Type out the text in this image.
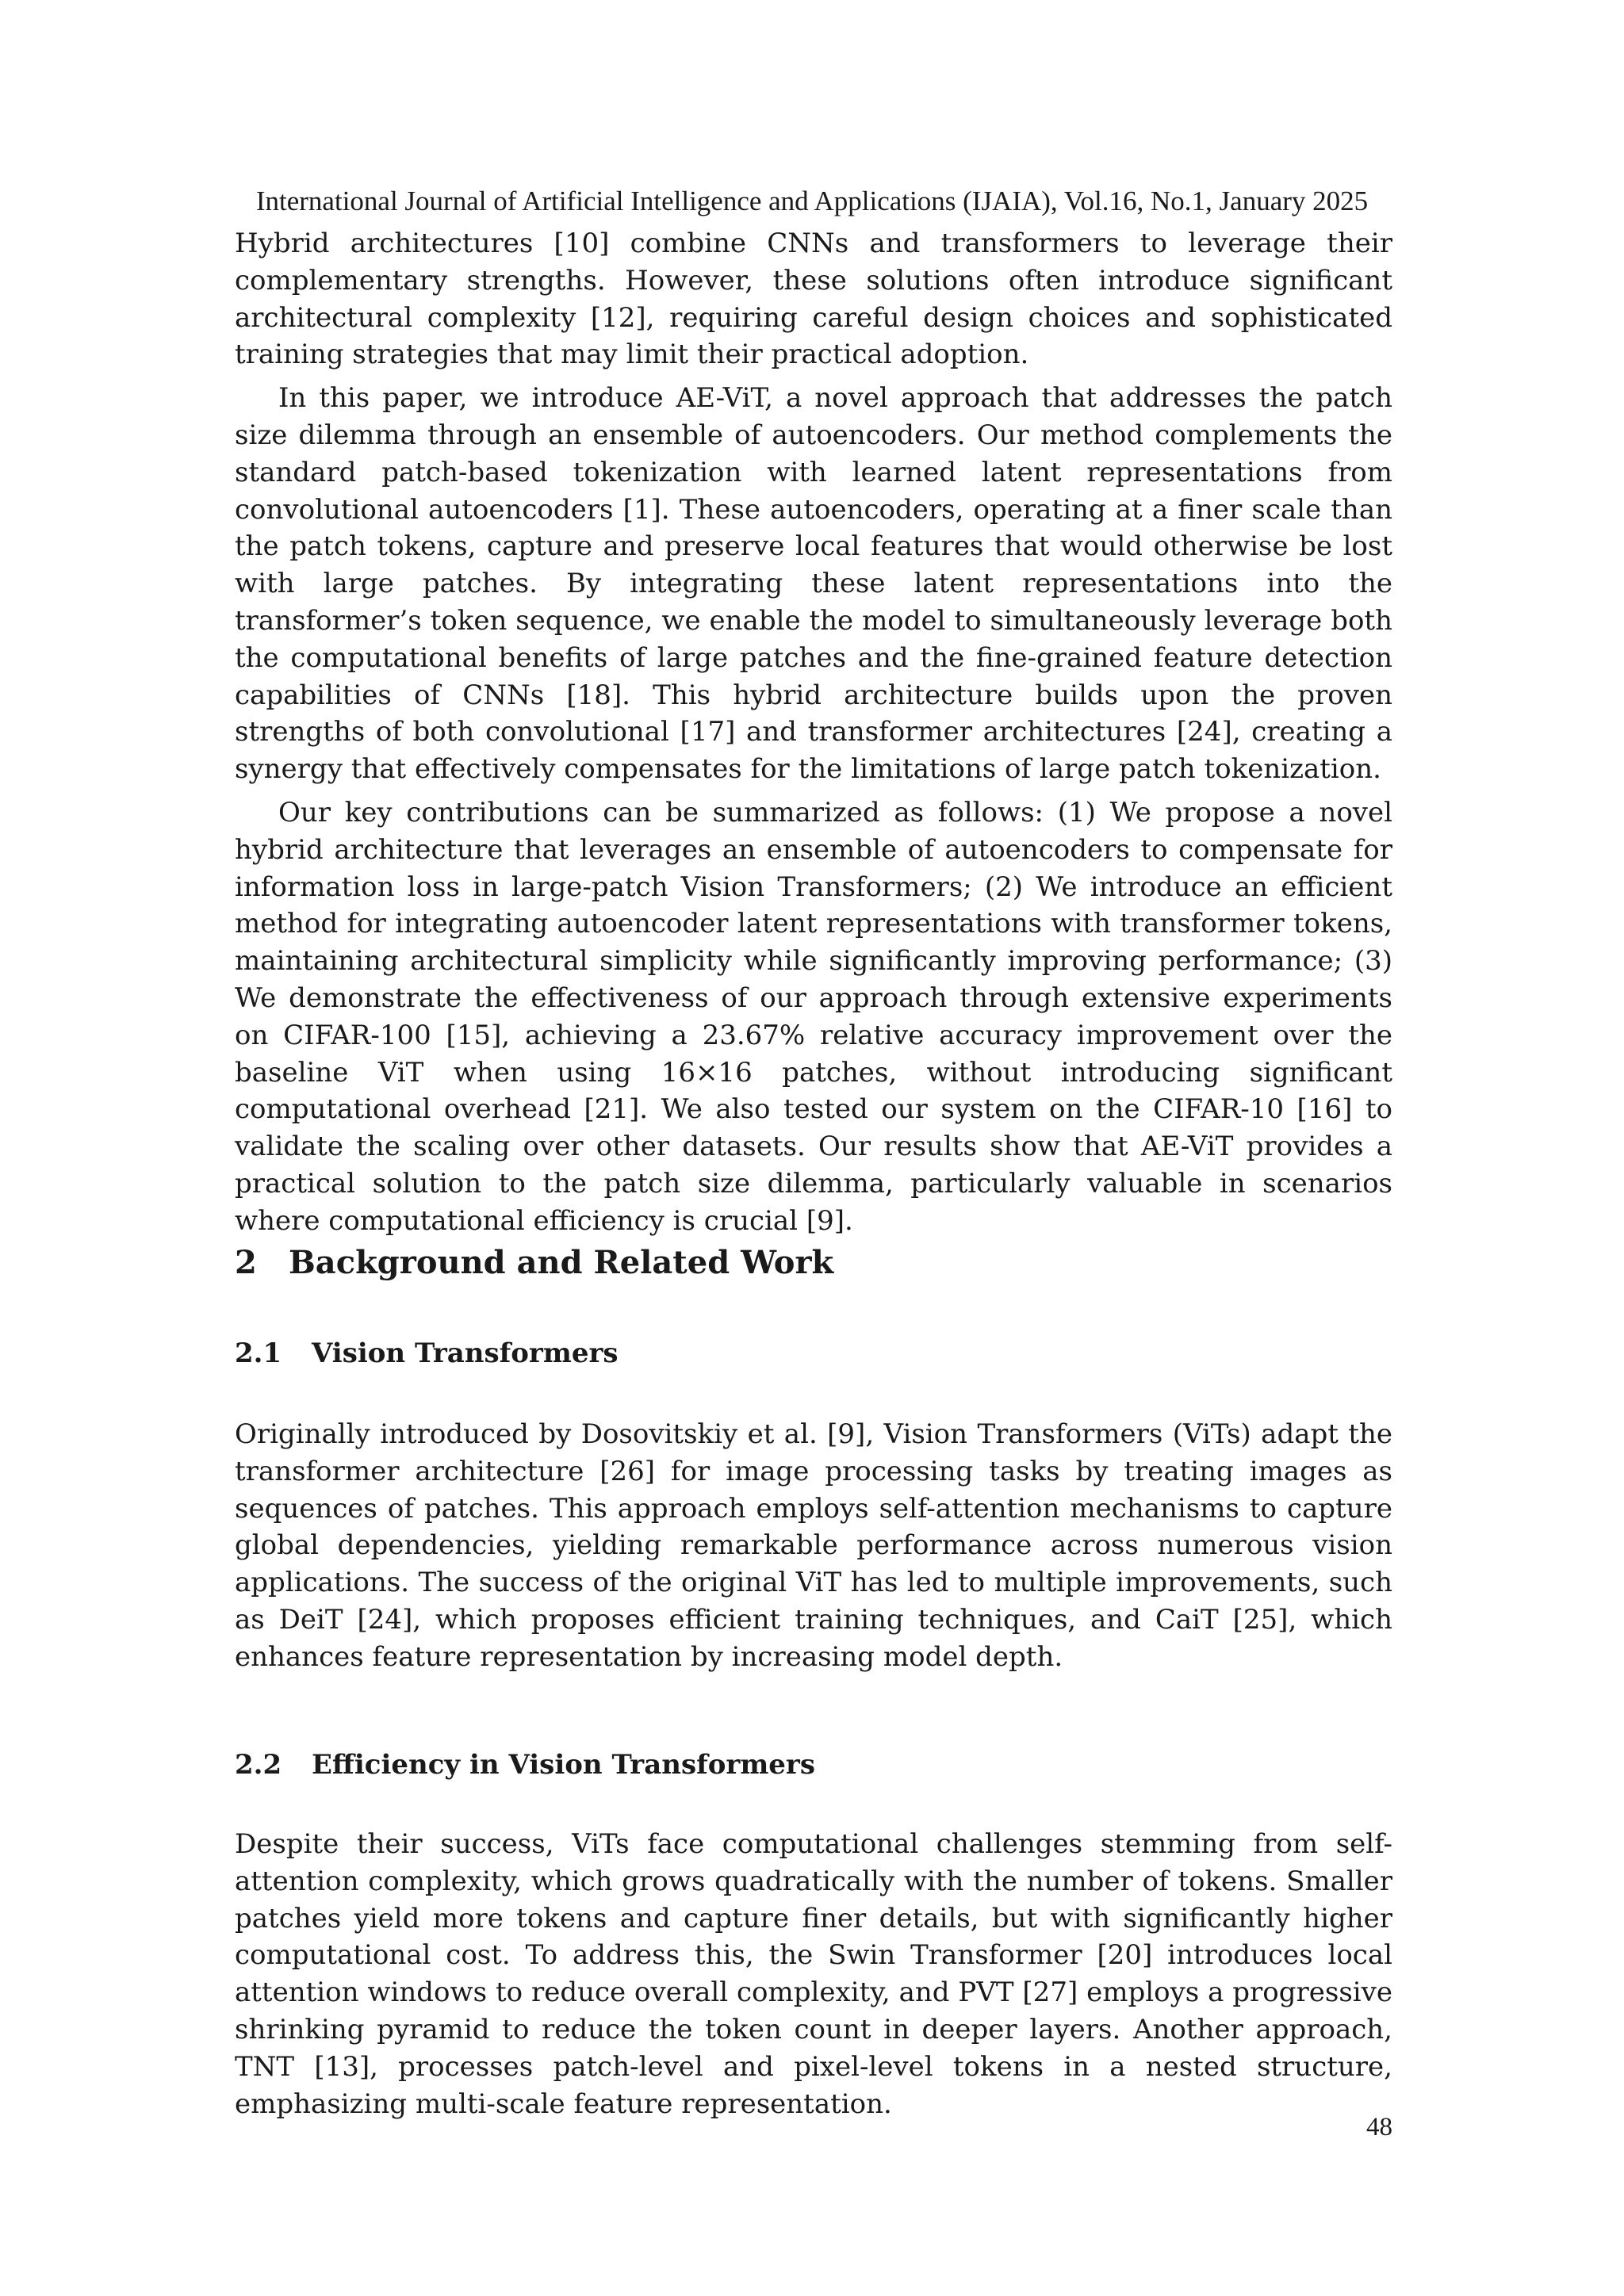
International Journal of Artificial Intelligence and Applications (IJAIA), Vol.16, No.1, January 2025

Hybrid architectures [10] combine CNNs and transformers to leverage their complementary strengths. However, these solutions often introduce significant architectural complexity [12], requiring careful design choices and sophisticated training strategies that may limit their practical adoption.

In this paper, we introduce AE-ViT, a novel approach that addresses the patch size dilemma through an ensemble of autoencoders. Our method complements the standard patch-based tokenization with learned latent representations from convolutional autoencoders [1]. These autoencoders, operating at a finer scale than the patch tokens, capture and preserve local features that would otherwise be lost with large patches. By integrating these latent representations into the transformer’s token sequence, we enable the model to simultaneously leverage both the computational benefits of large patches and the fine-grained feature detection capabilities of CNNs [18]. This hybrid architecture builds upon the proven strengths of both convolutional [17] and transformer architectures [24], creating a synergy that effectively compensates for the limitations of large patch tokenization.

Our key contributions can be summarized as follows: (1) We propose a novel hybrid architecture that leverages an ensemble of autoencoders to compensate for information loss in large-patch Vision Transformers; (2) We introduce an efficient method for integrating autoencoder latent representations with transformer tokens, maintaining architectural simplicity while significantly improving performance; (3) We demonstrate the effectiveness of our approach through extensive experiments on CIFAR-100 [15], achieving a 23.67% relative accuracy improvement over the baseline ViT when using 16×16 patches, without introducing significant computational overhead [21]. We also tested our system on the CIFAR-10 [16] to validate the scaling over other datasets. Our results show that AE-ViT provides a practical solution to the patch size dilemma, particularly valuable in scenarios where computational efficiency is crucial [9].

2 Background and Related Work
2.1 Vision Transformers

Originally introduced by Dosovitskiy et al. [9], Vision Transformers (ViTs) adapt the transformer architecture [26] for image processing tasks by treating images as sequences of patches. This approach employs self-attention mechanisms to capture global dependencies, yielding remarkable performance across numerous vision applications. The success of the original ViT has led to multiple improvements, such as DeiT [24], which proposes efficient training techniques, and CaiT [25], which enhances feature representation by increasing model depth.

2.2 Efficiency in Vision Transformers

Despite their success, ViTs face computational challenges stemming from self-attention complexity, which grows quadratically with the number of tokens. Smaller patches yield more tokens and capture finer details, but with significantly higher computational cost. To address this, the Swin Transformer [20] introduces local attention windows to reduce overall complexity, and PVT [27] employs a progressive shrinking pyramid to reduce the token count in deeper layers. Another approach, TNT [13], processes patch-level and pixel-level tokens in a nested structure, emphasizing multi-scale feature representation.

48
